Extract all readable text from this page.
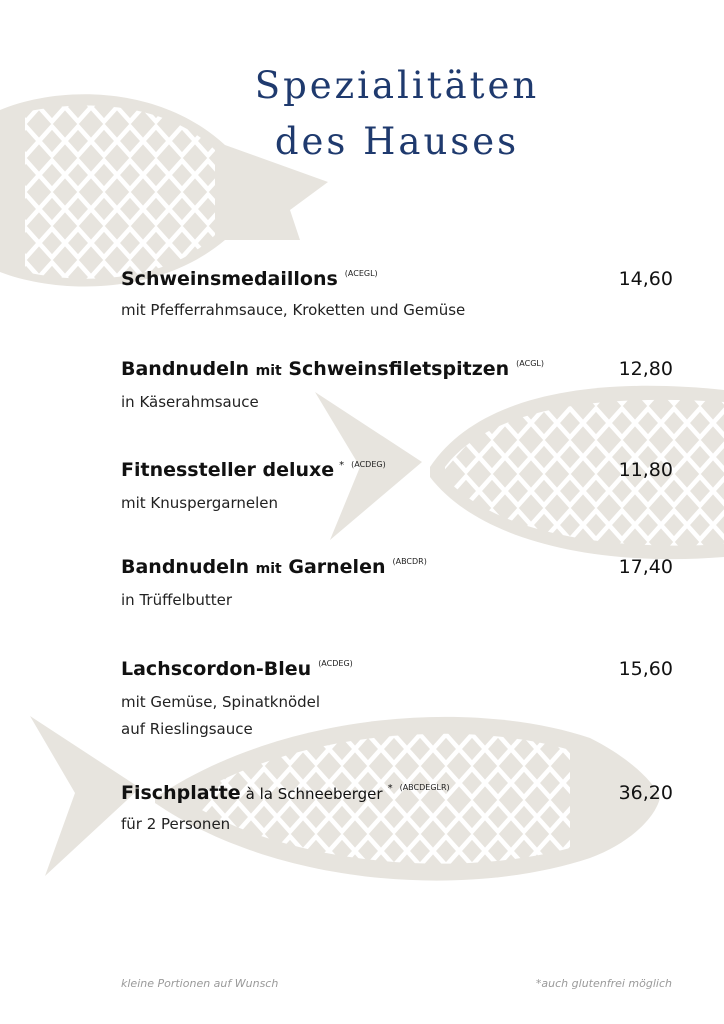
Spezialitäten
des Hauses
Schweinsmedaillons $^{(ACEGL)}$	14,60
mit Pfefferrahmsauce, Kroketten und Gemüse
Bandnudeln mit Schweinsfiletspitzen $^{(ACGL)}$	12,80
in Käserahmsauce
Fitnessteller deluxe * $^{(ACDEG)}$	11,80
mit Knuspergarnelen
Bandnudeln mit Garnelen $^{(ABCDR)}$	17,40
in Trüffelbutter
Lachscordon-Bleu $^{(ACDEG)}$	15,60
mit Gemüse, Spinatknödel
auf Rieslingsauce
Fischplatte à la Schneeberger * $^{(ABCDEGLR)}$	36,20
für 2 Personen
kleine Portionen auf Wunsch	*auch glutenfrei möglich
